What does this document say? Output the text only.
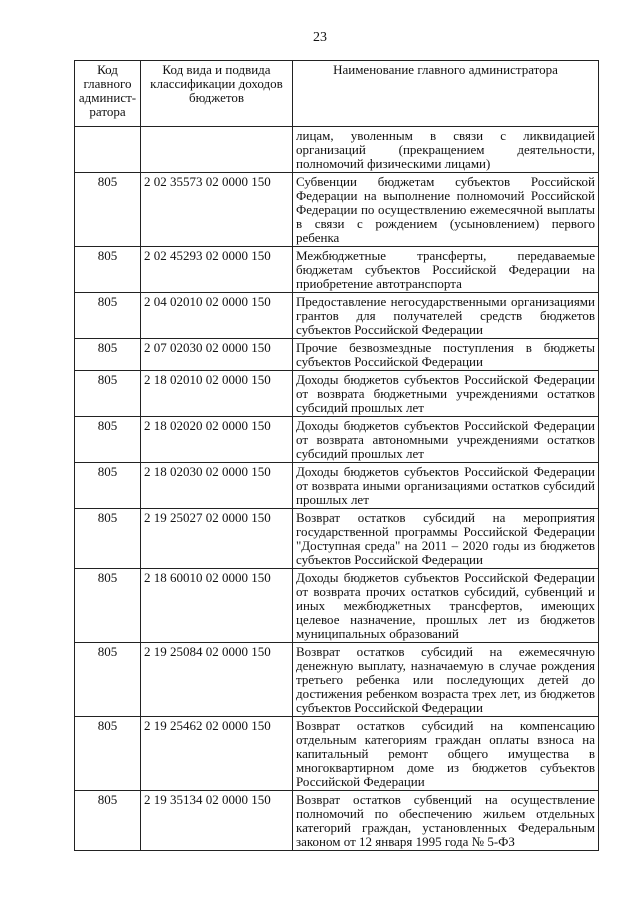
23
Код главного админист-ратора	Код вида и подвида классификации доходов бюджетов	Наименование главного администратора
		лицам, уволенным в связи с ликвидацией организаций (прекращением деятельности, полномочий физическими лицами)
805	2 02 35573 02 0000 150	Субвенции бюджетам субъектов Российской Федерации на выполнение полномочий Российской Федерации по осуществлению ежемесячной выплаты в связи с рождением (усыновлением) первого ребенка
805	2 02 45293 02 0000 150	Межбюджетные трансферты, передаваемые бюджетам субъектов Российской Федерации на приобретение автотранспорта
805	2 04 02010 02 0000 150	Предоставление негосударственными организациями грантов для получателей средств бюджетов субъектов Российской Федерации
805	2 07 02030 02 0000 150	Прочие безвозмездные поступления в бюджеты субъектов Российской Федерации
805	2 18 02010 02 0000 150	Доходы бюджетов субъектов Российской Федерации от возврата бюджетными учреждениями остатков субсидий прошлых лет
805	2 18 02020 02 0000 150	Доходы бюджетов субъектов Российской Федерации от возврата автономными учреждениями остатков субсидий прошлых лет
805	2 18 02030 02 0000 150	Доходы бюджетов субъектов Российской Федерации от возврата иными организациями остатков субсидий прошлых лет
805	2 19 25027 02 0000 150	Возврат остатков субсидий на мероприятия государственной программы Российской Федерации "Доступная среда" на 2011 – 2020 годы из бюджетов субъектов Российской Федерации
805	2 18 60010 02 0000 150	Доходы бюджетов субъектов Российской Федерации от возврата прочих остатков субсидий, субвенций и иных межбюджетных трансфертов, имеющих целевое назначение, прошлых лет из бюджетов муниципальных образований
805	2 19 25084 02 0000 150	Возврат остатков субсидий на ежемесячную денежную выплату, назначаемую в случае рождения третьего ребенка или последующих детей до достижения ребенком возраста трех лет, из бюджетов субъектов Российской Федерации
805	2 19 25462 02 0000 150	Возврат остатков субсидий на компенсацию отдельным категориям граждан оплаты взноса на капитальный ремонт общего имущества в многоквартирном доме из бюджетов субъектов Российской Федерации
805	2 19 35134 02 0000 150	Возврат остатков субвенций на осуществление полномочий по обеспечению жильем отдельных категорий граждан, установленных Федеральным законом от 12 января 1995 года № 5-ФЗ
